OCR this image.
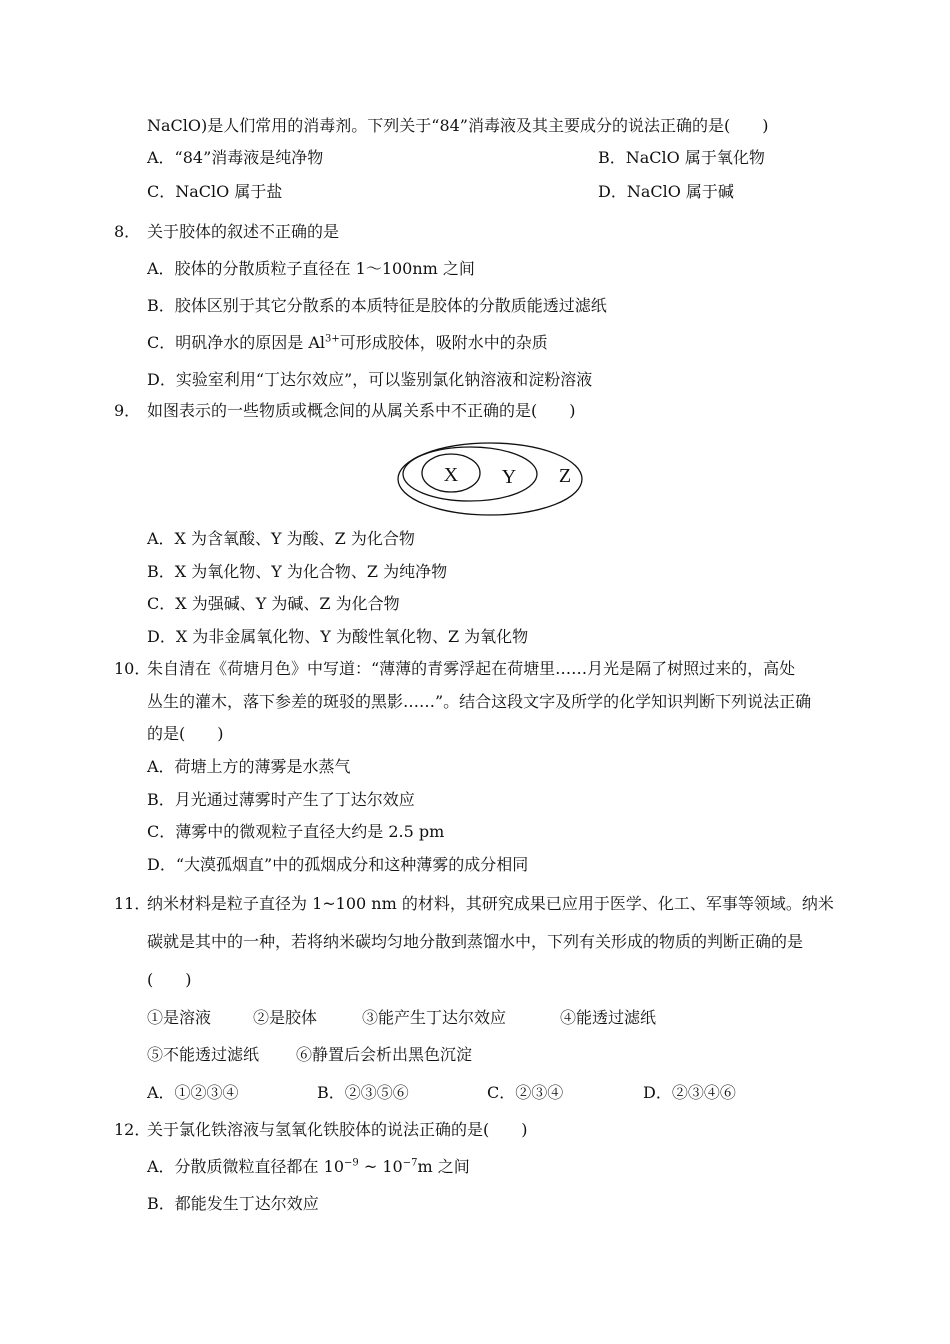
NaClO)是人们常用的消毒剂。下列关于“84”消毒液及其主要成分的说法正确的是(　　)
A．“84”消毒液是纯净物	B．NaClO 属于氧化物
C．NaClO 属于盐	D．NaClO 属于碱
8． 关于胶体的叙述不正确的是
A．胶体的分散质粒子直径在 1～100nm 之间
B．胶体区别于其它分散系的本质特征是胶体的分散质能透过滤纸
C．明矾净水的原因是 $Al^{3+}$可形成胶体，吸附水中的杂质
D．实验室利用“丁达尔效应”，可以鉴别氯化钠溶液和淀粉溶液
9． 如图表示的一些物质或概念间的从属关系中不正确的是(　　)
X Y Z
A．X 为含氧酸、Y 为酸、Z 为化合物
B．X 为氧化物、Y 为化合物、Z 为纯净物
C．X 为强碱、Y 为碱、Z 为化合物
D．X 为非金属氧化物、Y 为酸性氧化物、Z 为氧化物
10．
朱自清在《荷塘月色》中写道：“薄薄的青雾浮起在荷塘里……月光是隔了树照过来的，高处
丛生的灌木，落下参差的斑驳的黑影……”。结合这段文字及所学的化学知识判断下列说法正确
的是(　　)
A．荷塘上方的薄雾是水蒸气
B．月光通过薄雾时产生了丁达尔效应
C．薄雾中的微观粒子直径大约是 2.5 pm
D．“大漠孤烟直”中的孤烟成分和这种薄雾的成分相同
11．
纳米材料是粒子直径为 1~100 nm 的材料，其研究成果已应用于医学、化工、军事等领域。纳米
碳就是其中的一种，若将纳米碳均匀地分散到蒸馏水中，下列有关形成的物质的判断正确的是
(　　)
①是溶液	②是胶体	③能产生丁达尔效应	④能透过滤纸
⑤不能透过滤纸 ⑥静置后会析出黑色沉淀
A．①②③④	B．②③⑤⑥	C．②③④	D．②③④⑥
12．
关于氯化铁溶液与氢氧化铁胶体的说法正确的是(　　)
A．分散质微粒直径都在 $10^{-9}$ ~ $10^{-7}m$ 之间
B．都能发生丁达尔效应
